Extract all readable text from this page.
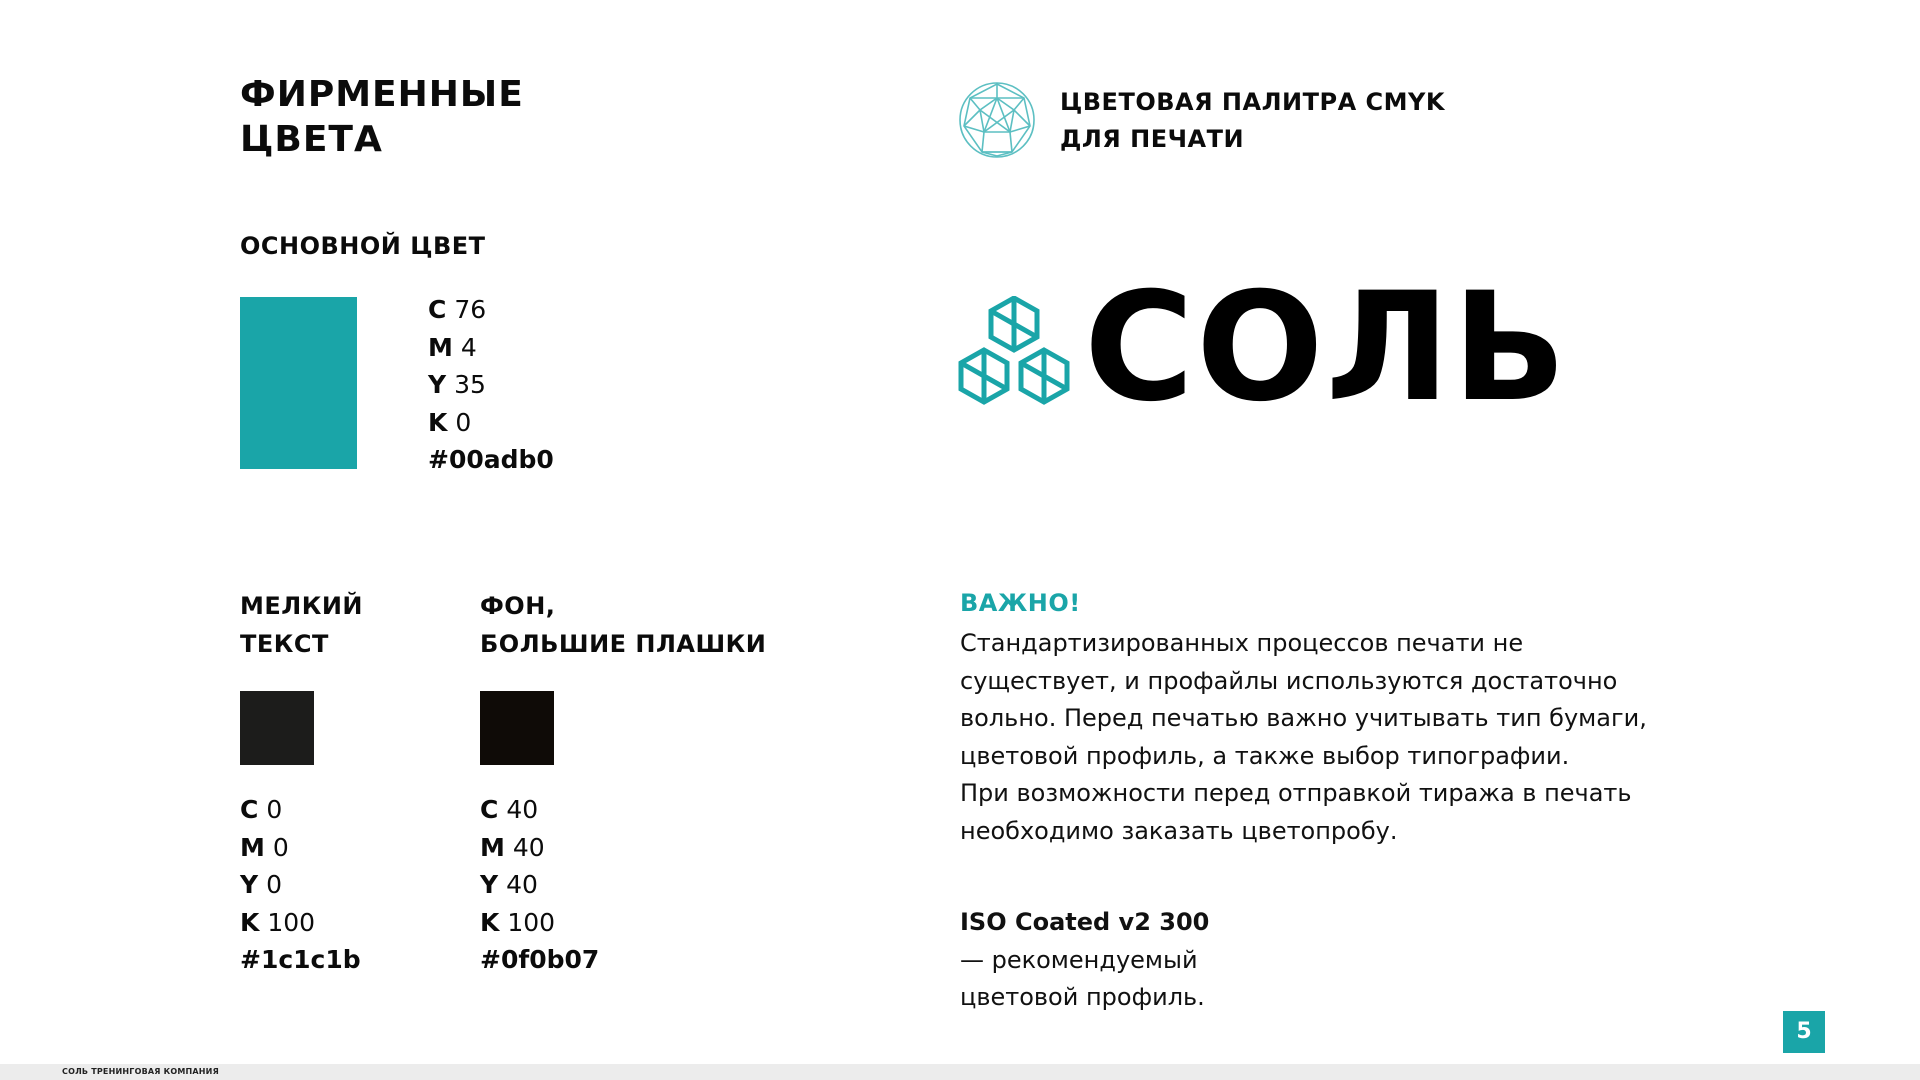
ФИРМЕННЫЕ
ЦВЕТА
ОСНОВНОЙ ЦВЕТ
C 76
M 4
Y 35
K 0
#00adb0
МЕЛКИЙ
ТЕКСТ
C 0
M 0
Y 0
K 100
#1c1c1b
ФОН,
БОЛЬШИЕ ПЛАШКИ
C 40
M 40
Y 40
K 100
#0f0b07
ЦВЕТОВАЯ ПАЛИТРА CMYK
ДЛЯ ПЕЧАТИ
СОЛЬ
ВАЖНО!
Стандартизированных процессов печати не
существует, и профайлы используются достаточно
вольно. Перед печатью важно учитывать тип бумаги,
цветовой профиль, а также выбор типографии.
При возможности перед отправкой тиража в печать
необходимо заказать цветопробу.
ISO Coated v2 300
— рекомендуемый
цветовой профиль.
5
СОЛЬ ТРЕНИНГОВАЯ КОМПАНИЯ
